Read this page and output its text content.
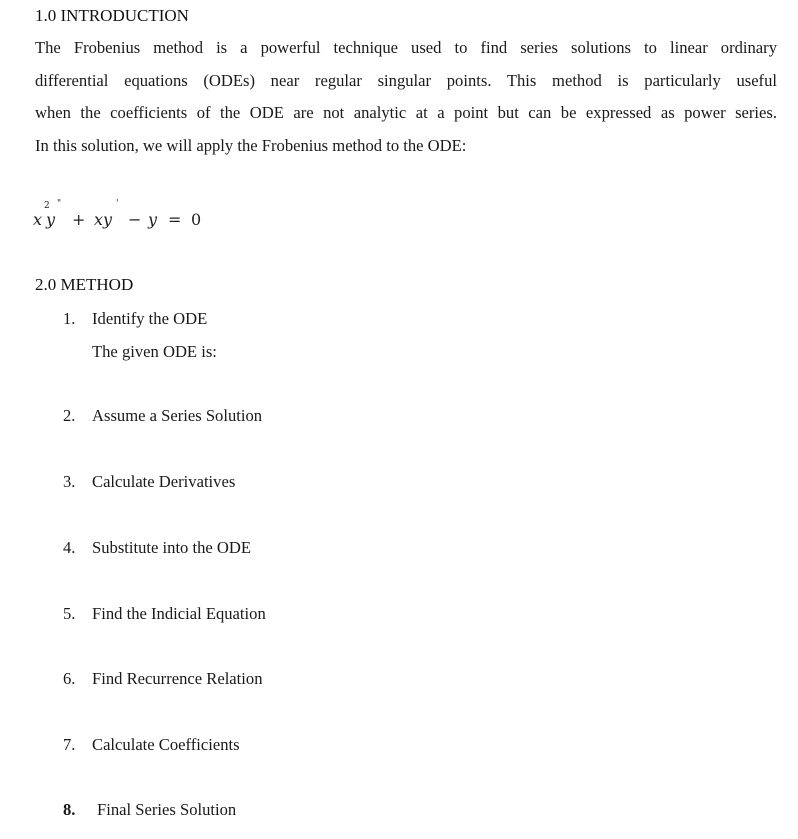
1.0 INTRODUCTION
The Frobenius method is a powerful technique used to find series solutions to linear ordinary
differential equations (ODEs) near regular singular points. This method is particularly useful
when the coefficients of the ODE are not analytic at a point but can be expressed as power series.
In this solution, we will apply the Frobenius method to the ODE:
x
2
y
"
+ xy
'
− y = 0
2.0 METHOD
1. Identify the ODE
The given ODE is:
2. Assume a Series Solution
3. Calculate Derivatives
4. Substitute into the ODE
5. Find the Indicial Equation
6. Find Recurrence Relation
7. Calculate Coefficients
8. Final Series Solution
